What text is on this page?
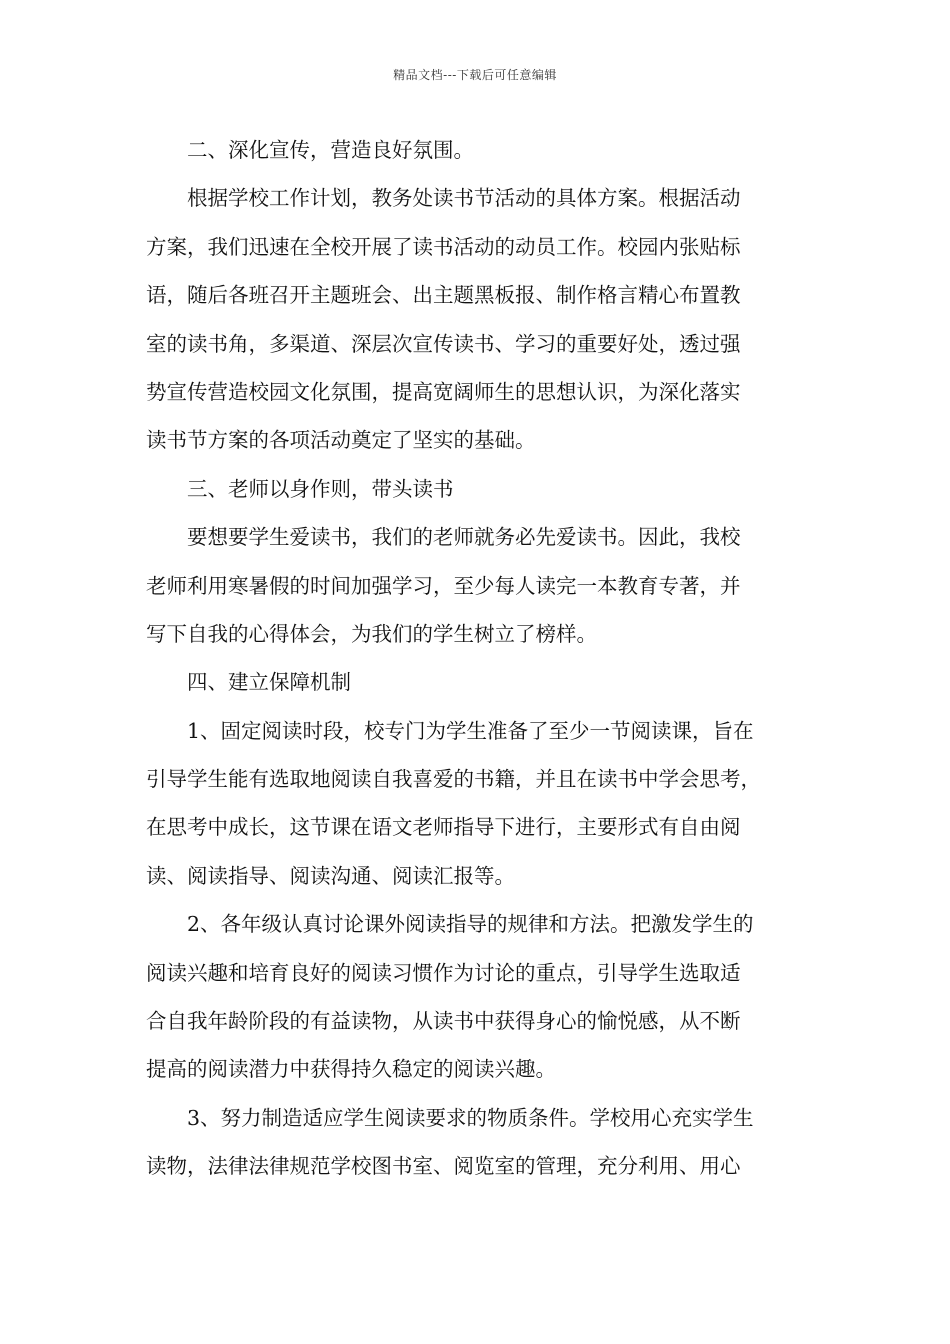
精品文档---下载后可任意编辑
　　二、深化宣传，营造良好氛围。
　　根据学校工作计划，教务处读书节活动的具体方案。根据活动
方案，我们迅速在全校开展了读书活动的动员工作。校园内张贴标
语，随后各班召开主题班会、出主题黑板报、制作格言精心布置教
室的读书角，多渠道、深层次宣传读书、学习的重要好处，透过强
势宣传营造校园文化氛围，提高宽阔师生的思想认识，为深化落实
读书节方案的各项活动奠定了坚实的基础。
　　三、老师以身作则，带头读书
　　要想要学生爱读书，我们的老师就务必先爱读书。因此，我校
老师利用寒暑假的时间加强学习，至少每人读完一本教育专著，并
写下自我的心得体会，为我们的学生树立了榜样。
　　四、建立保障机制
　　1、固定阅读时段，校专门为学生准备了至少一节阅读课，旨在
引导学生能有选取地阅读自我喜爱的书籍，并且在读书中学会思考，
在思考中成长，这节课在语文老师指导下进行，主要形式有自由阅
读、阅读指导、阅读沟通、阅读汇报等。
　　2、各年级认真讨论课外阅读指导的规律和方法。把激发学生的
阅读兴趣和培育良好的阅读习惯作为讨论的重点，引导学生选取适
合自我年龄阶段的有益读物，从读书中获得身心的愉悦感，从不断
提高的阅读潜力中获得持久稳定的阅读兴趣。
　　3、努力制造适应学生阅读要求的物质条件。学校用心充实学生
读物，法律法律规范学校图书室、阅览室的管理，充分利用、用心
